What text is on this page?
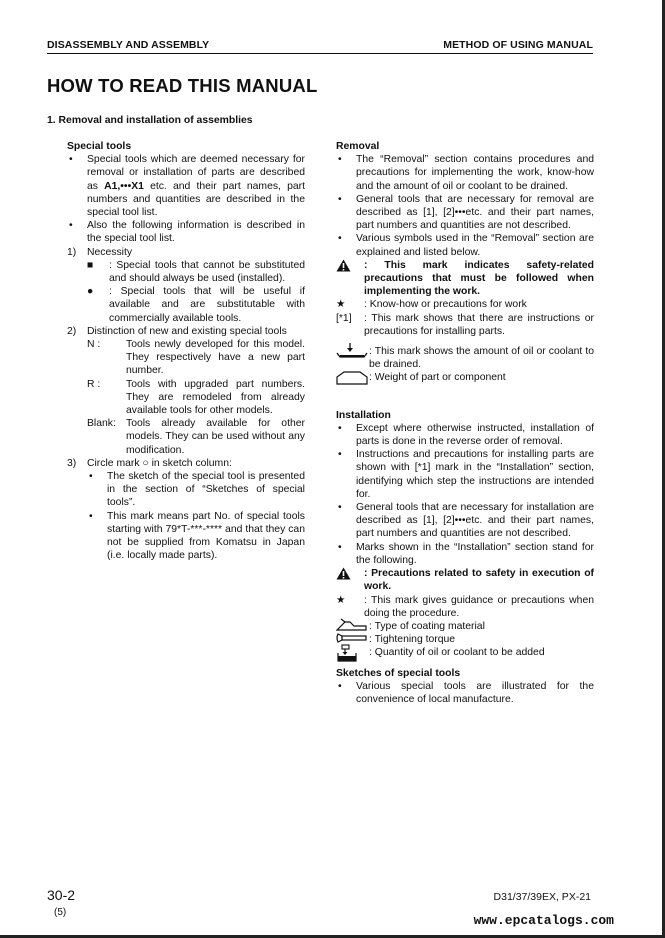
DISASSEMBLY AND ASSEMBLY	METHOD OF USING MANUAL
HOW TO READ THIS MANUAL
1. Removal and installation of assemblies

Special tools

• Special tools which are deemed necessary for removal or installation of parts are described as A1,•••X1 etc. and their part names, part numbers and quantities are described in the special tool list.
• Also the following information is described in the special tool list.
1) Necessity
■ : Special tools that cannot be substituted and should always be used (installed).
● : Special tools that will be useful if available and are substitutable with commercially available tools.
2) Distinction of new and existing special tools
N : Tools newly developed for this model. They respectively have a new part number.
R : Tools with upgraded part numbers. They are remodeled from already available tools for other models.
Blank: Tools already available for other models. They can be used without any modification.
3) Circle mark ○ in sketch column:
• The sketch of the special tool is presented in the section of “Sketches of special tools”.
• This mark means part No. of special tools starting with 79*T-***-**** and that they can not be supplied from Komatsu in Japan (i.e. locally made parts).

Removal

• The “Removal” section contains procedures and precautions for implementing the work, know-how and the amount of oil or coolant to be drained.
• General tools that are necessary for removal are described as [1], [2]•••etc. and their part names, part numbers and quantities are not described.
• Various symbols used in the “Removal” section are explained and listed below.
: This mark indicates safety-related precautions that must be followed when implementing the work.
★	: Know-how or precautions for work
[*1]	: This mark shows that there are instructions or precautions for installing parts.
: This mark shows the amount of oil or coolant to be drained.
: Weight of part or component

Installation

• Except where otherwise instructed, installation of parts is done in the reverse order of removal.
• Instructions and precautions for installing parts are shown with [*1] mark in the “Installation” section, identifying which step the instructions are intended for.
• General tools that are necessary for installation are described as [1], [2]•••etc. and their part names, part numbers and quantities are not described.
• Marks shown in the “Installation” section stand for the following.
: Precautions related to safety in execution of work.
★	: This mark gives guidance or precautions when doing the procedure.
: Type of coating material
: Tightening torque
: Quantity of oil or coolant to be added

Sketches of special tools

• Various special tools are illustrated for the convenience of local manufacture.
30-2
(5)
D31/37/39EX, PX-21
www.epcatalogs.com
